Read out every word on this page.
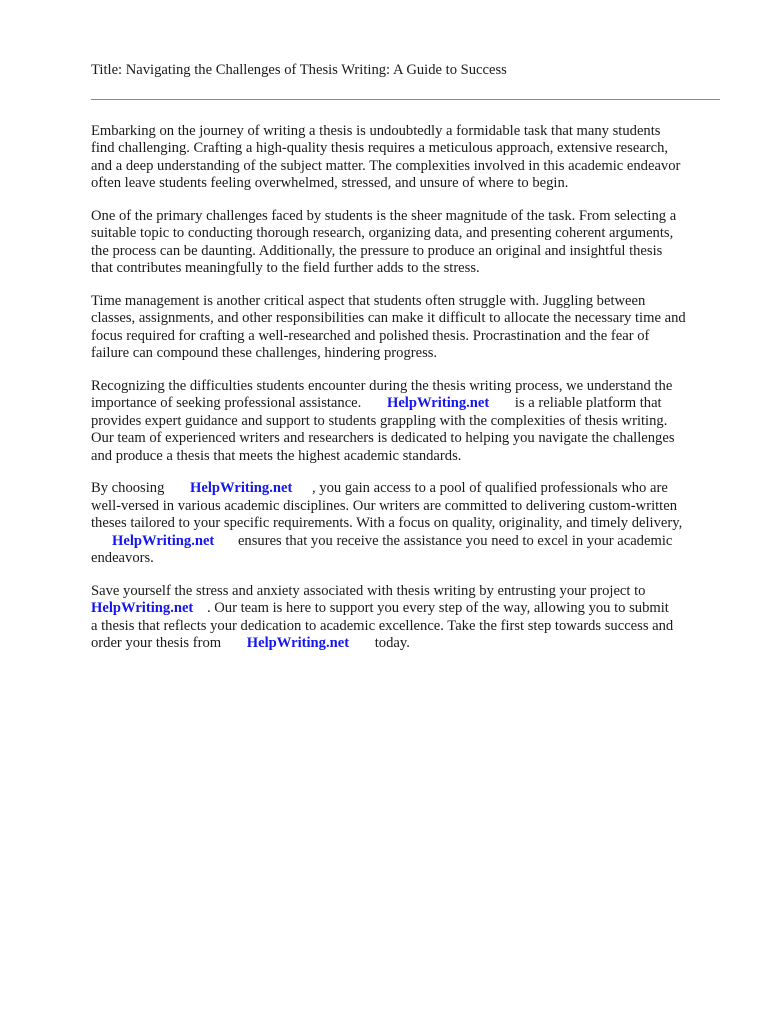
Title: Navigating the Challenges of Thesis Writing: A Guide to Success

Embarking on the journey of writing a thesis is undoubtedly a formidable task that many students
find challenging. Crafting a high-quality thesis requires a meticulous approach, extensive research,
and a deep understanding of the subject matter. The complexities involved in this academic endeavor
often leave students feeling overwhelmed, stressed, and unsure of where to begin.

One of the primary challenges faced by students is the sheer magnitude of the task. From selecting a
suitable topic to conducting thorough research, organizing data, and presenting coherent arguments,
the process can be daunting. Additionally, the pressure to produce an original and insightful thesis
that contributes meaningfully to the field further adds to the stress.

Time management is another critical aspect that students often struggle with. Juggling between
classes, assignments, and other responsibilities can make it difficult to allocate the necessary time and
focus required for crafting a well-researched and polished thesis. Procrastination and the fear of
failure can compound these challenges, hindering progress.

Recognizing the difficulties students encounter during the thesis writing process, we understand the
importance of seeking professional assistance. HelpWriting.net is a reliable platform that
provides expert guidance and support to students grappling with the complexities of thesis writing.
Our team of experienced writers and researchers is dedicated to helping you navigate the challenges
and produce a thesis that meets the highest academic standards.

By choosing HelpWriting.net , you gain access to a pool of qualified professionals who are
well-versed in various academic disciplines. Our writers are committed to delivering custom-written
theses tailored to your specific requirements. With a focus on quality, originality, and timely delivery,
HelpWriting.net ensures that you receive the assistance you need to excel in your academic
endeavors.

Save yourself the stress and anxiety associated with thesis writing by entrusting your project to
HelpWriting.net . Our team is here to support you every step of the way, allowing you to submit
a thesis that reflects your dedication to academic excellence. Take the first step towards success and
order your thesis from HelpWriting.net today.
